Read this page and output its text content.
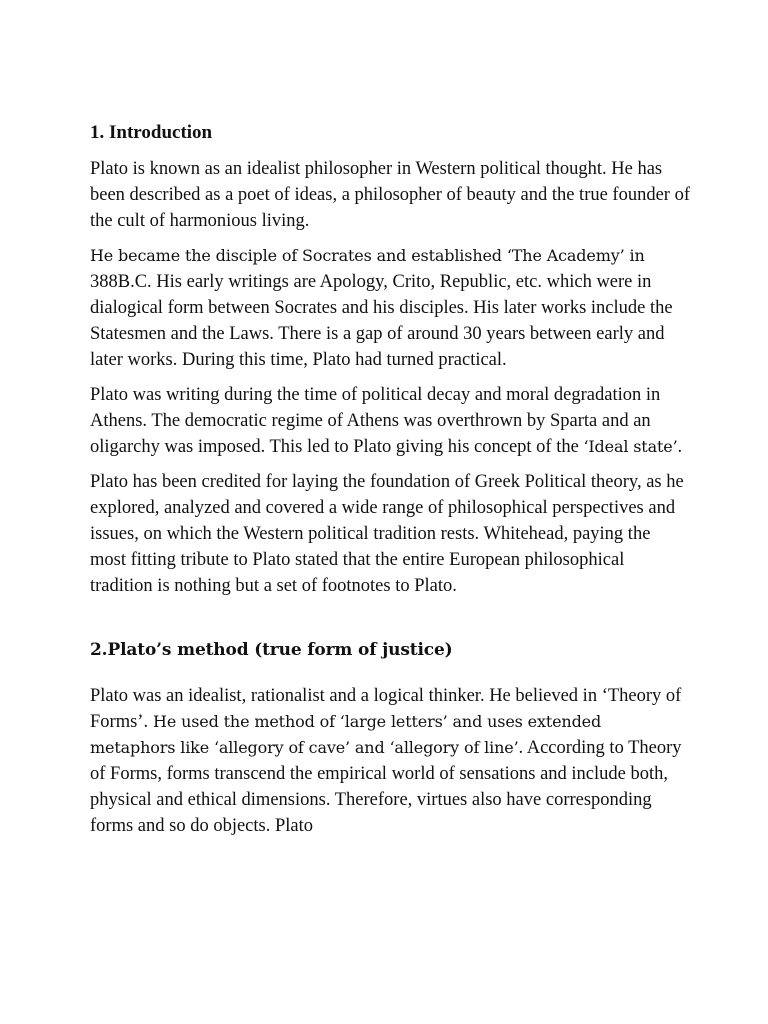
1. Introduction

Plato is known as an idealist philosopher in Western political thought. He has been described as a poet of ideas, a philosopher of beauty and the true founder of the cult of harmonious living.

He became the disciple of Socrates and established ‘The Academy’ in 388B.C. His early writings are Apology, Crito, Republic, etc. which were in dialogical form between Socrates and his disciples. His later works include the Statesmen and the Laws. There is a gap of around 30 years between early and later works. During this time, Plato had turned practical.

Plato was writing during the time of political decay and moral degradation in Athens. The democratic regime of Athens was overthrown by Sparta and an oligarchy was imposed. This led to Plato giving his concept of the ‘Ideal state’.

Plato has been credited for laying the foundation of Greek Political theory, as he explored, analyzed and covered a wide range of philosophical perspectives and issues, on which the Western political tradition rests. Whitehead, paying the most fitting tribute to Plato stated that the entire European philosophical tradition is nothing but a set of footnotes to Plato.

2.Plato’s method (true form of justice)

Plato was an idealist, rationalist and a logical thinker. He believed in ‘Theory of Forms’. He used the method of ‘large letters’ and uses extended metaphors like ‘allegory of cave’ and ‘allegory of line’. According to Theory of Forms, forms transcend the empirical world of sensations and include both, physical and ethical dimensions. Therefore, virtues also have corresponding forms and so do objects. Plato
